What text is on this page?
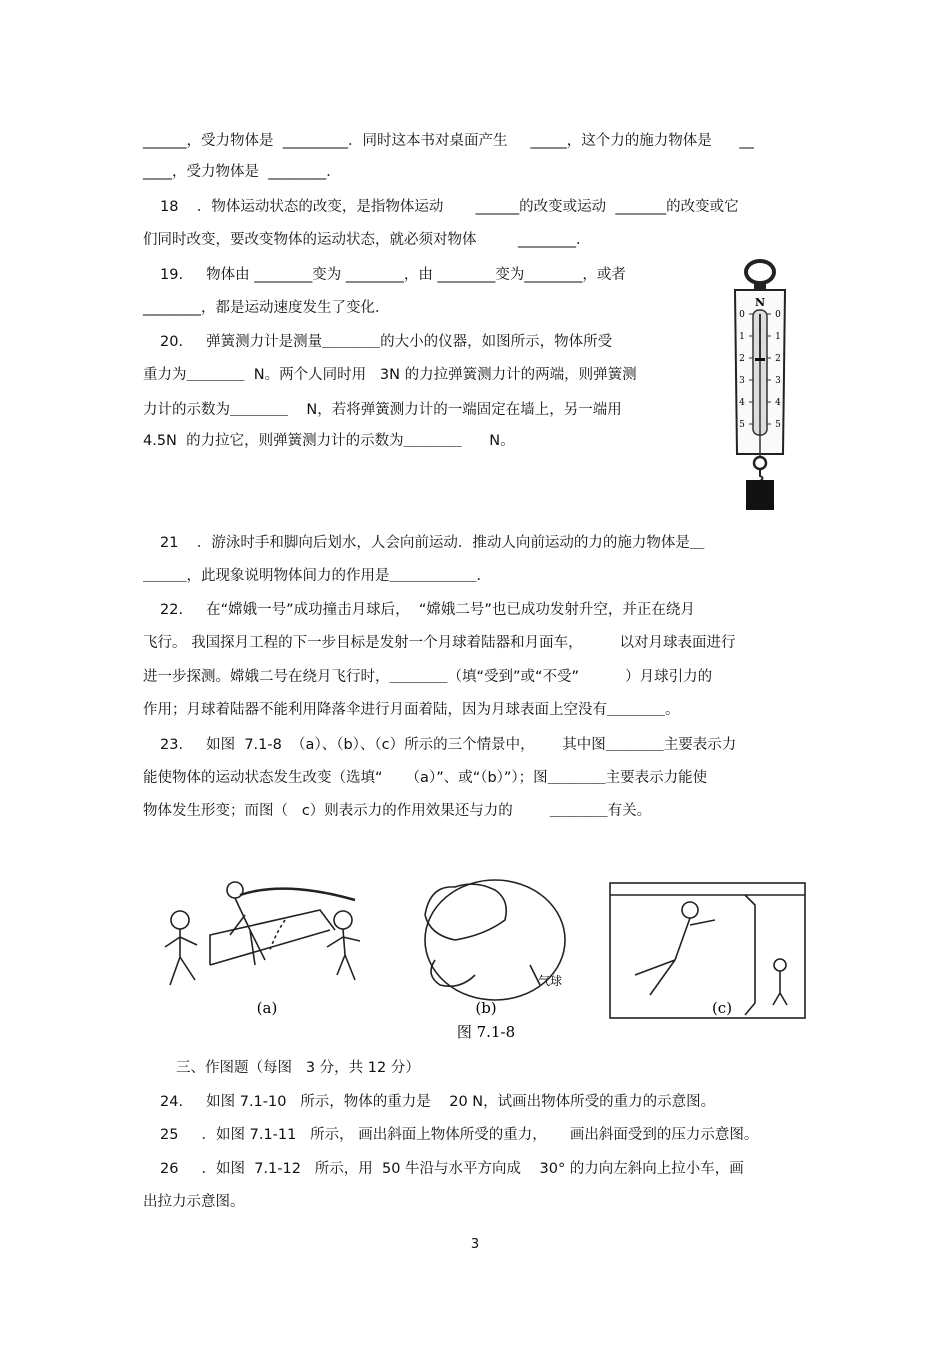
______，受力物体是  _________．同时这本书对桌面产生     _____，这个力的施力物体是      __
____，受力物体是  ________．
18    ．物体运动状态的改变，是指物体运动       ______的改变或运动  _______的改变或它
们同时改变，要改变物体的运动状态，就必须对物体         ________．
19.     物体由 ________变为 ________，由 ________变为________，或者
________，都是运动速度发生了变化．
20.     弹簧测力计是测量＿＿＿＿的大小的仪器，如图所示，物体所受
重力为＿＿＿＿  N。两个人同时用   3N 的力拉弹簧测力计的两端，则弹簧测
力计的示数为＿＿＿＿    N，若将弹簧测力计的一端固定在墙上，另一端用
4.5N  的力拉它，则弹簧测力计的示数为＿＿＿＿      N。
N
0
1
2
3
4
5
0
1
2
3
4
5
21    ．游泳时手和脚向后划水，人会向前运动．推动人向前运动的力的施力物体是＿
＿＿＿，此现象说明物体间力的作用是＿＿＿＿＿＿．
22.     在“嫦娥一号”成功撞击月球后，  “嫦娥二号”也已成功发射升空，并正在绕月
飞行。 我国探月工程的下一步目标是发射一个月球着陆器和月面车，        以对月球表面进行
进一步探测。嫦娥二号在绕月飞行时，＿＿＿＿（填“受到”或“不受”          ）月球引力的
作用；月球着陆器不能利用降落伞进行月面着陆，因为月球表面上空没有＿＿＿＿。
23.     如图  7.1-8  （a）、（b）、（c）所示的三个情景中，      其中图＿＿＿＿主要表示力
能使物体的运动状态发生改变（选填“     （a）”、或“（b）”）；图＿＿＿＿主要表示力能使
物体发生形变；而图（   c）则表示力的作用效果还与力的        ＿＿＿＿有关。
(a)	(b)	(c)
气球
图 7.1-8
三、作图题（每图   3 分，共 12 分）
24.     如图 7.1-10   所示，物体的重力是    20 N，试画出物体所受的重力的示意图。
25     ．如图 7.1-11   所示， 画出斜面上物体所受的重力，     画出斜面受到的压力示意图。
26     ．如图  7.1-12   所示，用  50 牛沿与水平方向成    30° 的力向左斜向上拉小车，画
出拉力示意图。
3
